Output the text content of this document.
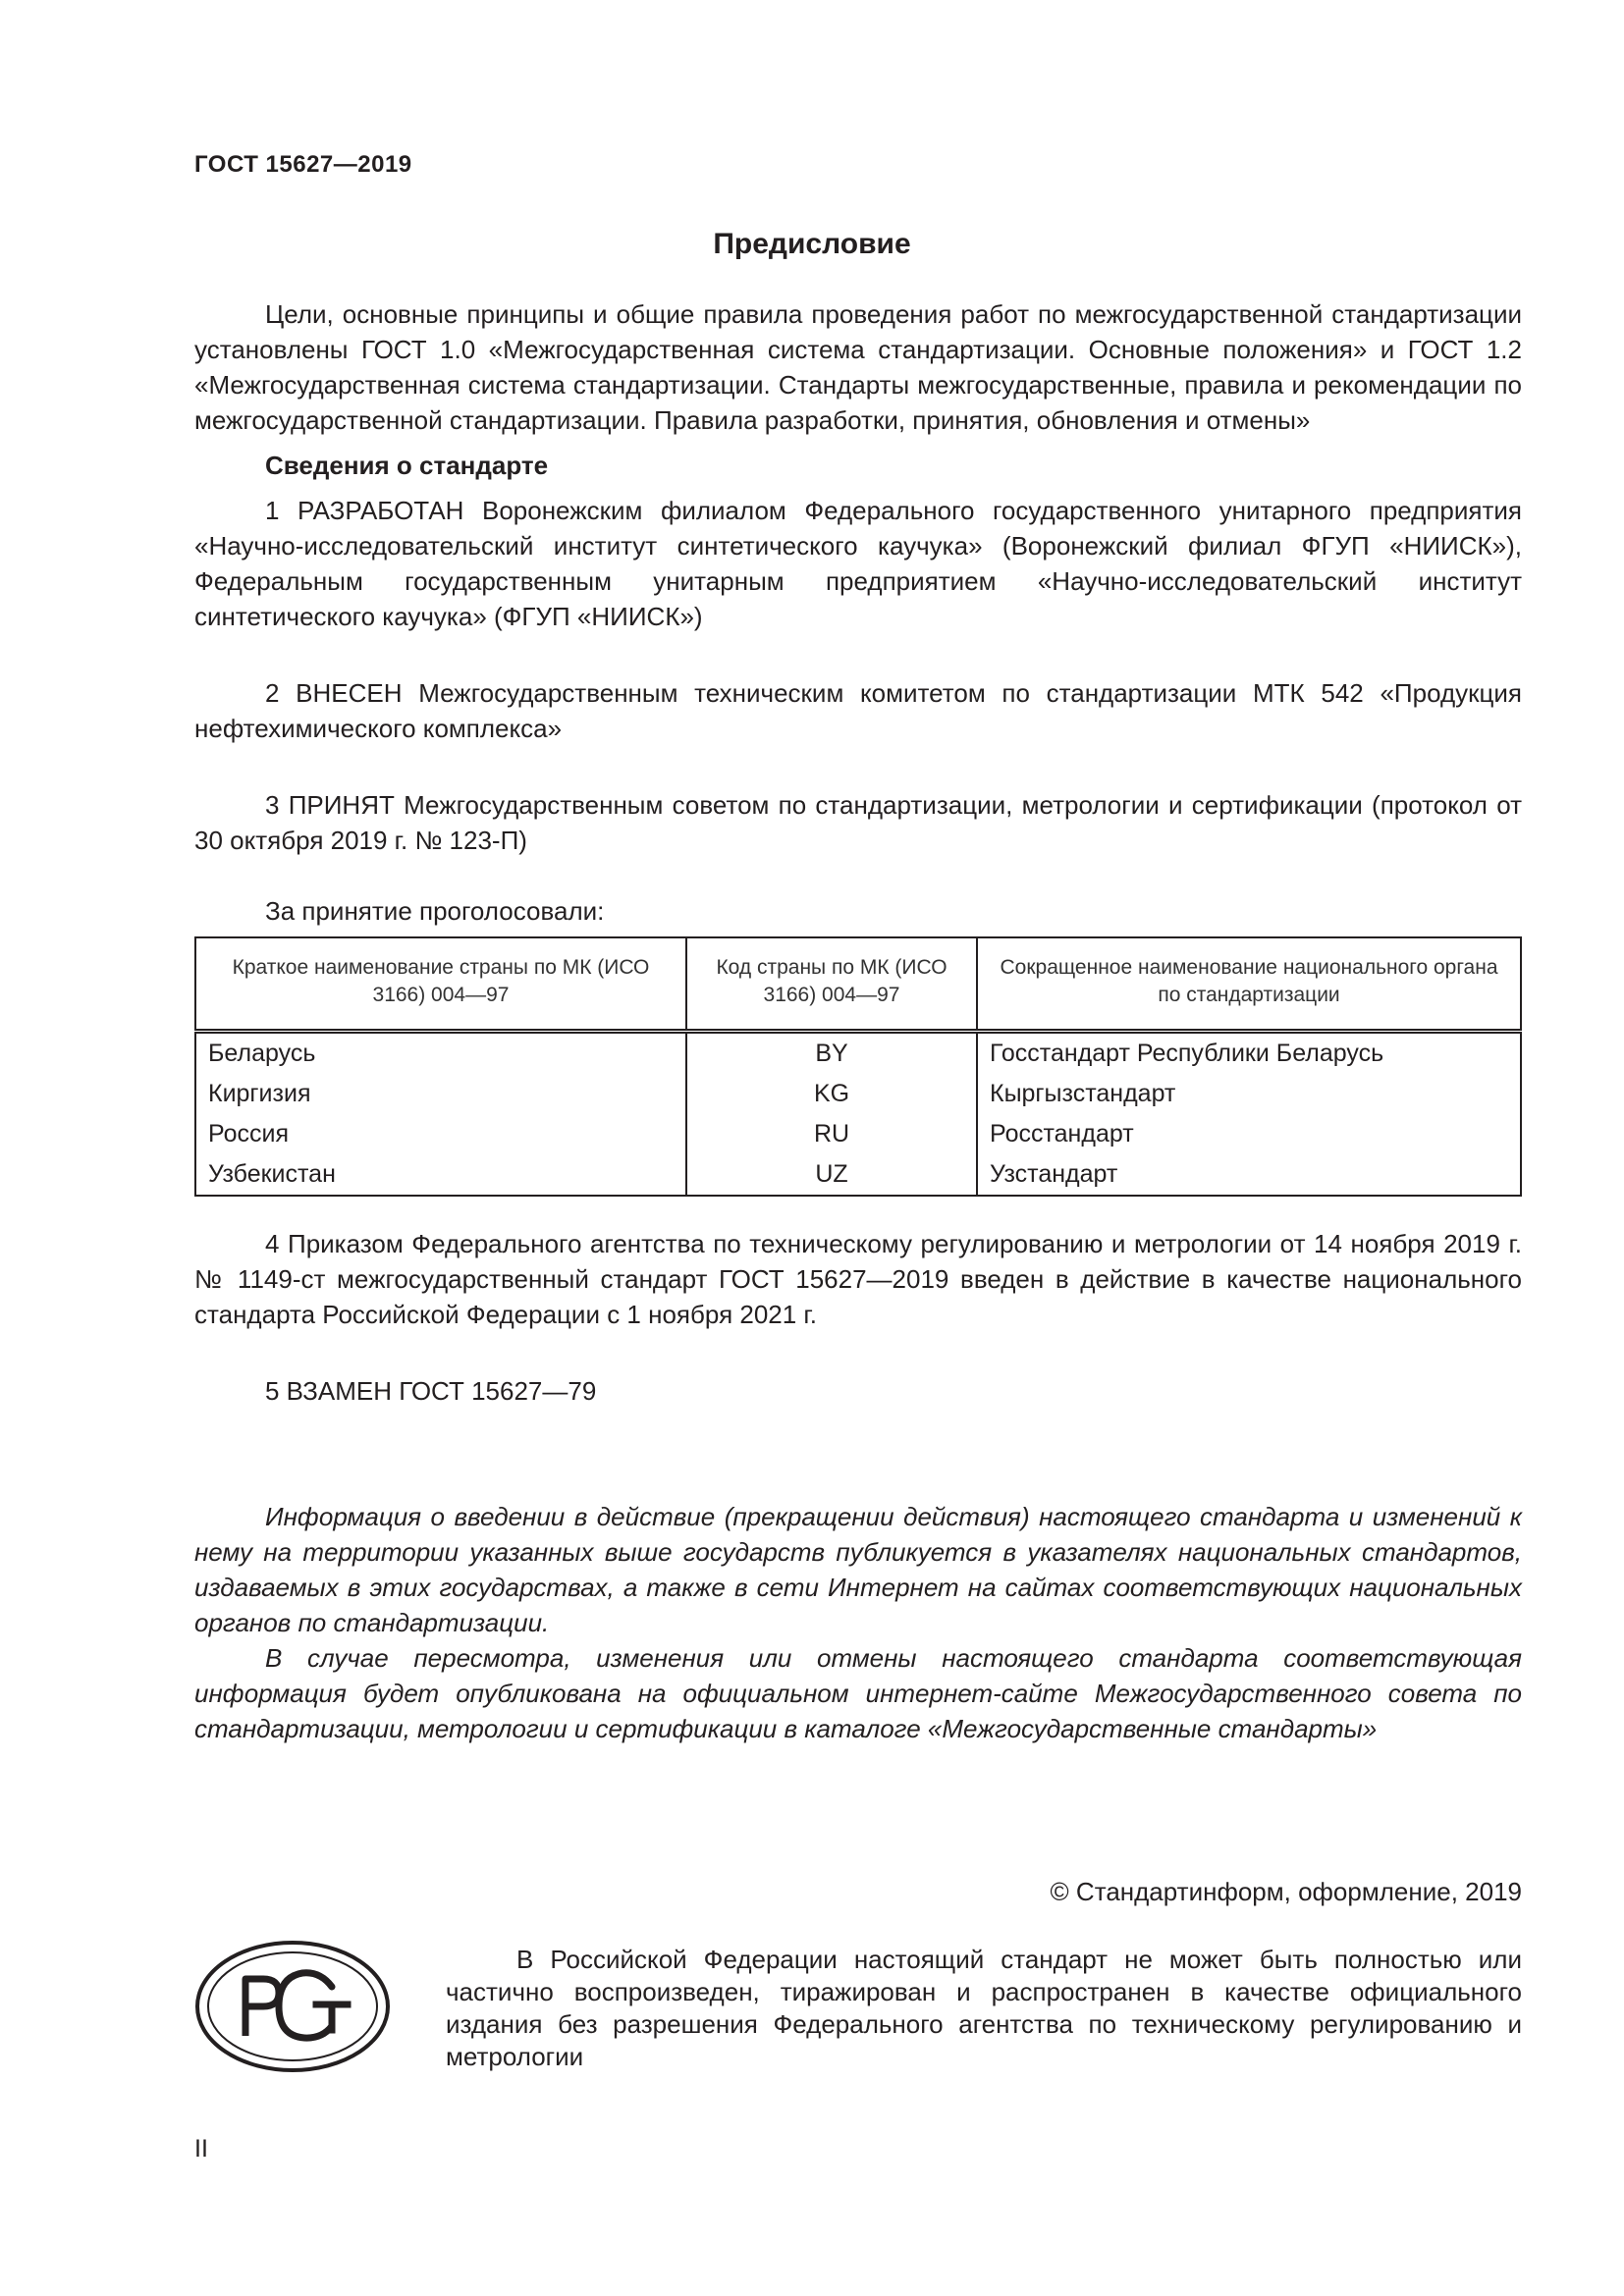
ГОСТ 15627—2019
Предисловие

Цели, основные принципы и общие правила проведения работ по межгосударственной стандартизации установлены ГОСТ 1.0 «Межгосударственная система стандартизации. Основные положения» и ГОСТ 1.2 «Межгосударственная система стандартизации. Стандарты межгосударственные, правила и рекомендации по межгосударственной стандартизации. Правила разработки, принятия, обновления и отмены»

Сведения о стандарте

1 РАЗРАБОТАН Воронежским филиалом Федерального государственного унитарного предприятия «Научно-исследовательский институт синтетического каучука» (Воронежский филиал ФГУП «НИИСК»), Федеральным государственным унитарным предприятием «Научно-исследовательский институт синтетического каучука» (ФГУП «НИИСК»)

2 ВНЕСЕН Межгосударственным техническим комитетом по стандартизации МТК 542 «Продукция нефтехимического комплекса»

3 ПРИНЯТ Межгосударственным советом по стандартизации, метрологии и сертификации (протокол от 30 октября 2019 г. № 123-П)

За принятие проголосовали:

Краткое наименование страны по МК (ИСО 3166) 004—97	Код страны по МК (ИСО 3166) 004—97	Сокращенное наименование национального органа по стандартизации
Беларусь	BY	Госстандарт Республики Беларусь
Киргизия	KG	Кыргызстандарт
Россия	RU	Росстандарт
Узбекистан	UZ	Узстандарт

4 Приказом Федерального агентства по техническому регулированию и метрологии от 14 ноября 2019 г. № 1149-ст межгосударственный стандарт ГОСТ 15627—2019 введен в действие в качестве национального стандарта Российской Федерации с 1 ноября 2021 г.

5 ВЗАМЕН ГОСТ 15627—79

Информация о введении в действие (прекращении действия) настоящего стандарта и изменений к нему на территории указанных выше государств публикуется в указателях национальных стандартов, издаваемых в этих государствах, а также в сети Интернет на сайтах соответствующих национальных органов по стандартизации.

В случае пересмотра, изменения или отмены настоящего стандарта соответствующая информация будет опубликована на официальном интернет-сайте Межгосударственного совета по стандартизации, метрологии и сертификации в каталоге «Межгосударственные стандарты»

© Стандартинформ, оформление, 2019

В Российской Федерации настоящий стандарт не может быть полностью или частично воспроизведен, тиражирован и распространен в качестве официального издания без разрешения Федерального агентства по техническому регулированию и метрологии

II
